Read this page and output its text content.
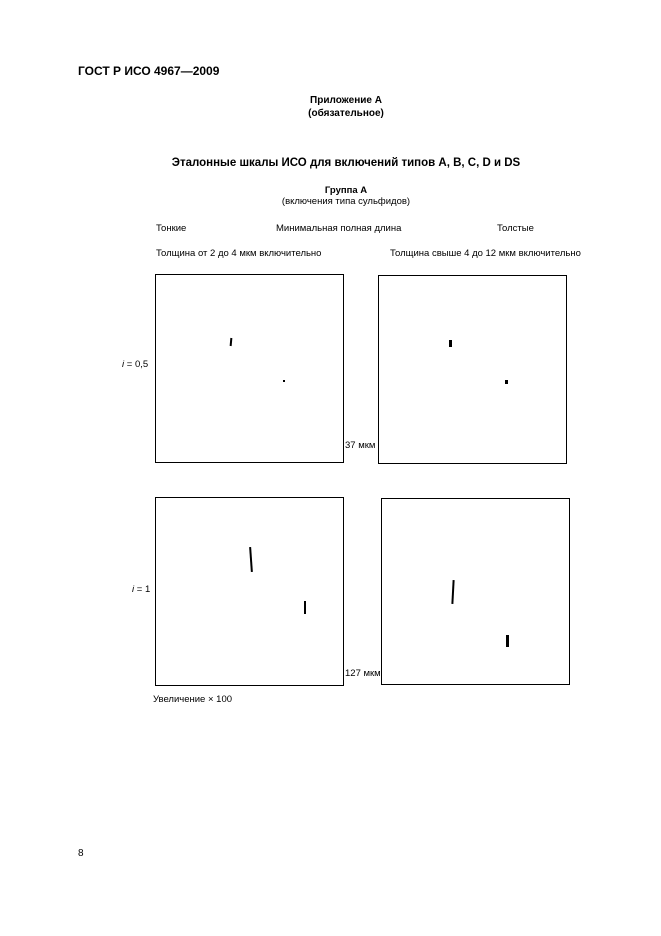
ГОСТ Р ИСО 4967—2009
Приложение А
(обязательное)
Эталонные шкалы ИСО для включений типов А, В, С, D и DS
Группа А
(включения типа сульфидов)
Тонкие	Минимальная полная длина	Толстые
Толщина от 2 до 4 мкм включительно	Толщина свыше 4 до 12 мкм включительно
i = 0,5
37 мкм
i = 1
127 мкм
Увеличение × 100
8
